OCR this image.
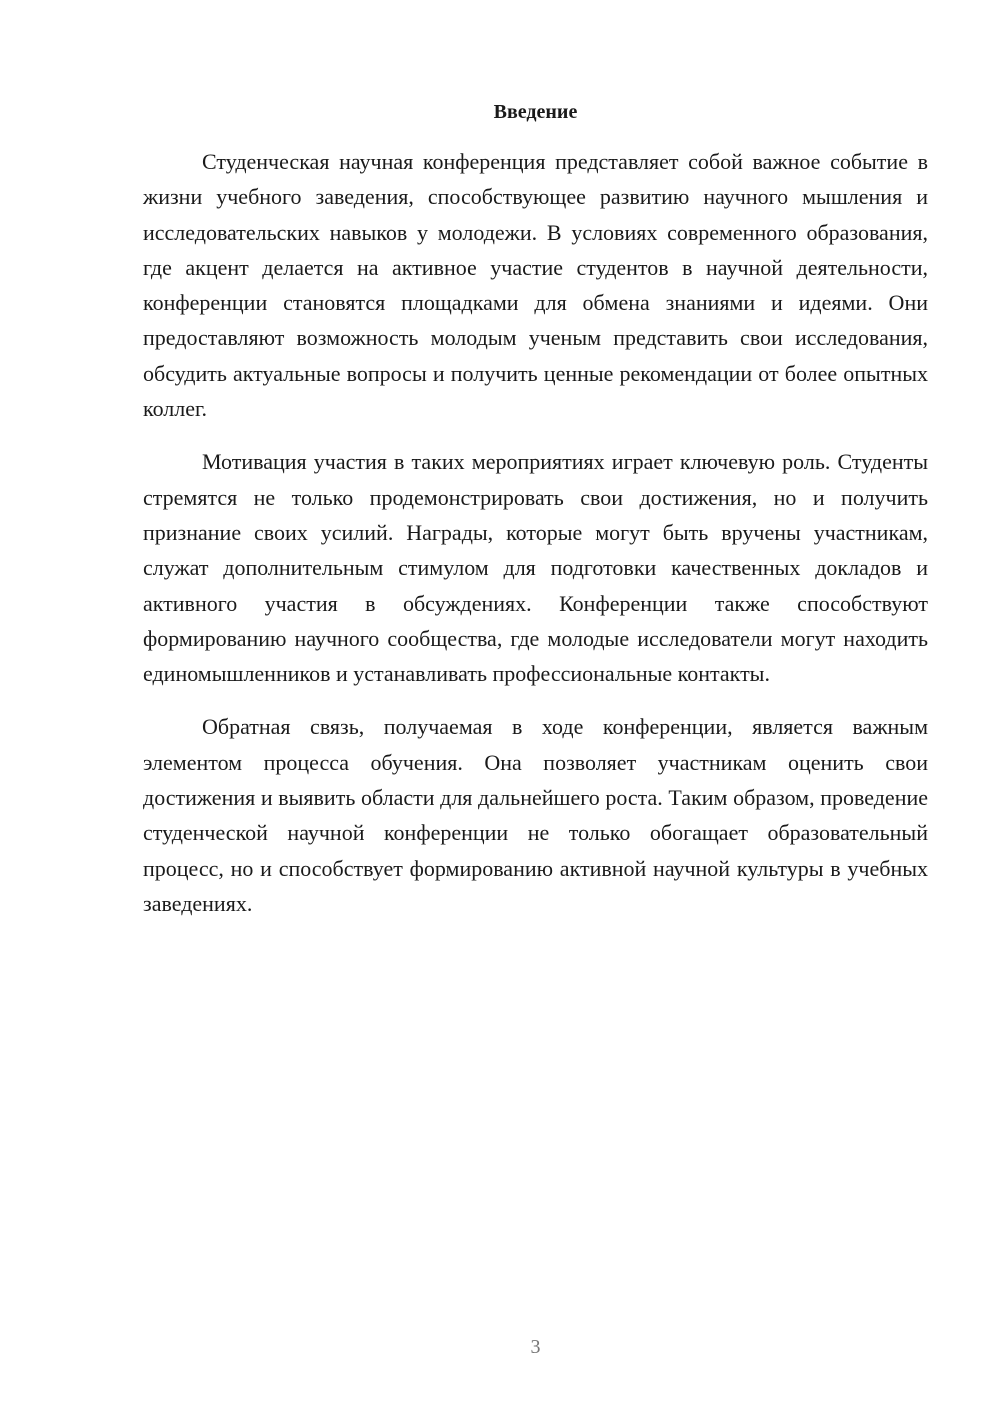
Введение

Студенческая научная конференция представляет собой важное событие в жизни учебного заведения, способствующее развитию научного мышления и исследовательских навыков у молодежи. В условиях современного образования, где акцент делается на активное участие студентов в научной деятельности, конференции становятся площадками для обмена знаниями и идеями. Они предоставляют возможность молодым ученым представить свои исследования, обсудить актуальные вопросы и получить ценные рекомендации от более опытных коллег.

Мотивация участия в таких мероприятиях играет ключевую роль. Студенты стремятся не только продемонстрировать свои достижения, но и получить признание своих усилий. Награды, которые могут быть вручены участникам, служат дополнительным стимулом для подготовки качественных докладов и активного участия в обсуждениях. Конференции также способствуют формированию научного сообщества, где молодые исследователи могут находить единомышленников и устанавливать профессиональные контакты.

Обратная связь, получаемая в ходе конференции, является важным элементом процесса обучения. Она позволяет участникам оценить свои достижения и выявить области для дальнейшего роста. Таким образом, проведение студенческой научной конференции не только обогащает образовательный процесс, но и способствует формированию активной научной культуры в учебных заведениях.

3
